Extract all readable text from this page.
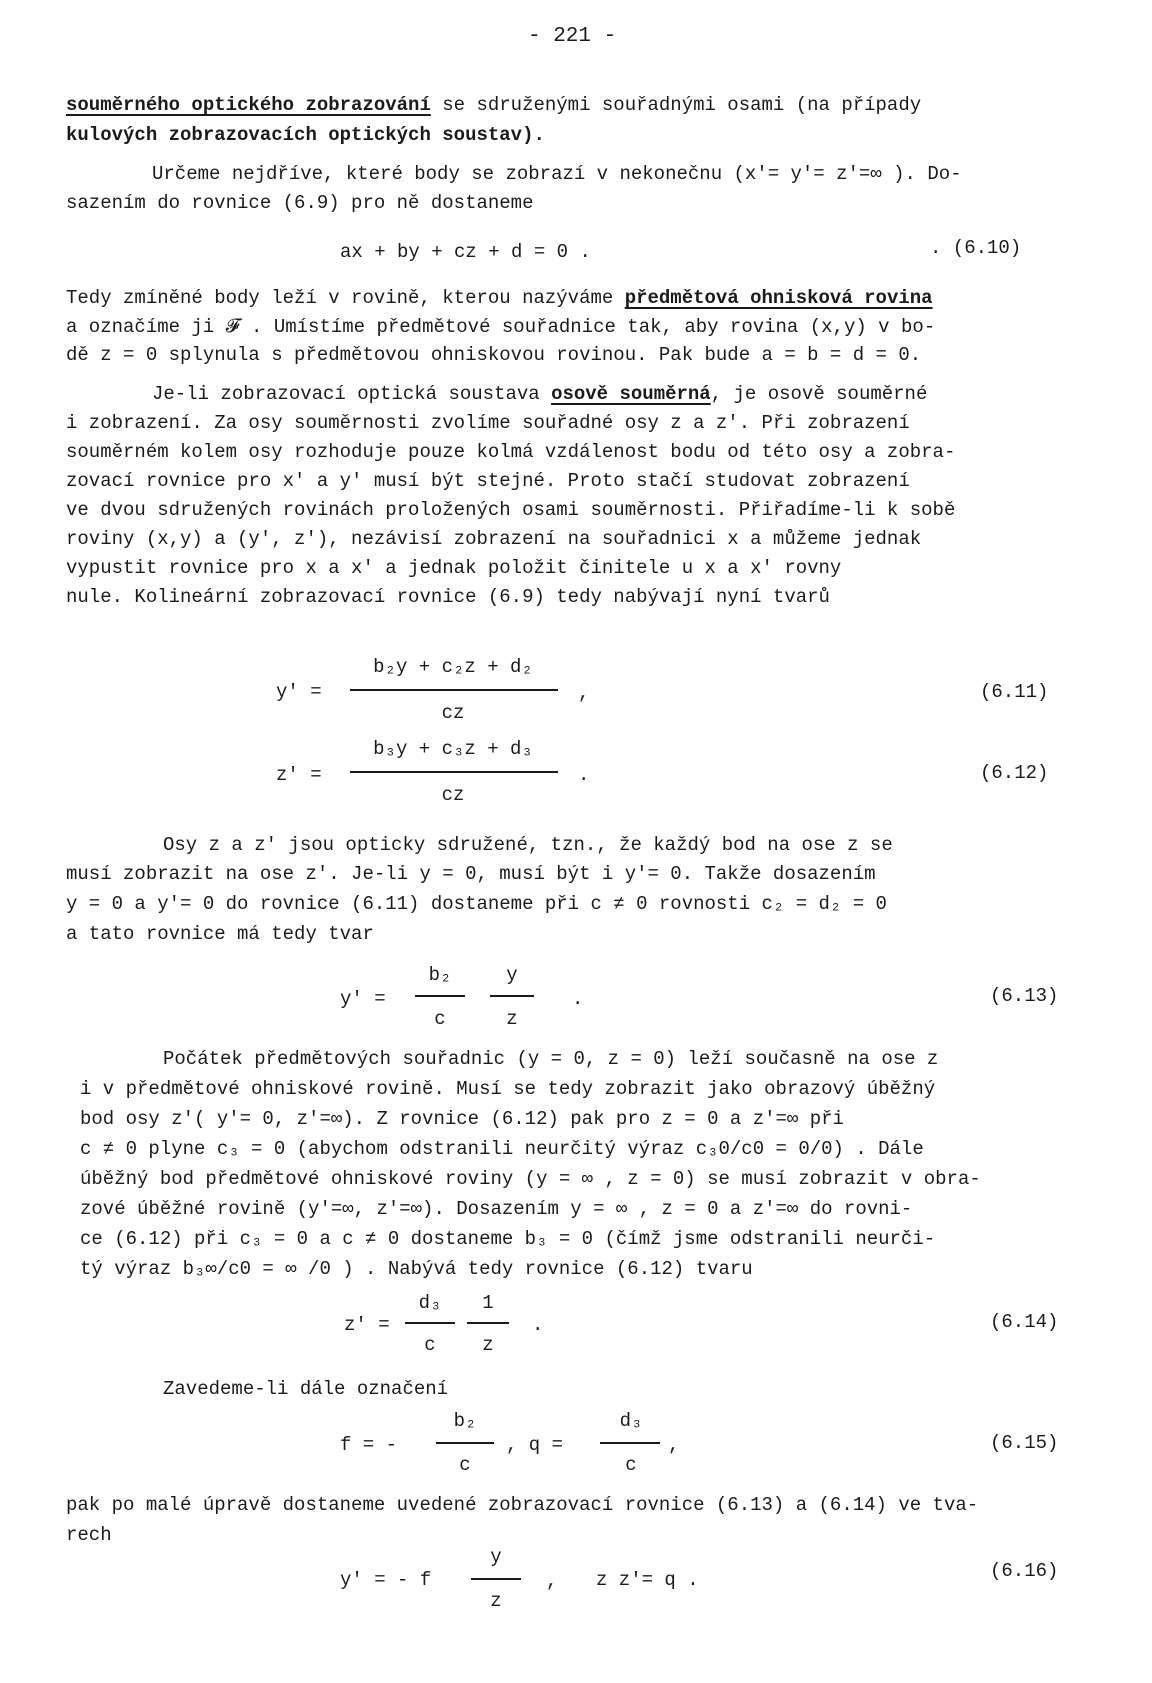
- 221 -
souměrného optického zobrazování se sdruženými souřadnými osami (na případy
kulových zobrazovacích optických soustav).
Určeme nejdříve, které body se zobrazí v nekonečnu (x′= y′= z′=∞ ). Do-
sazením do rovnice (6.9) pro ně dostaneme
ax + by + cz + d = 0 .	. (6.10)
Tedy zmíněné body leží v rovině, kterou nazýváme předmětová ohnisková rovina
a označíme ji 𝓕 . Umístíme předmětové souřadnice tak, aby rovina (x,y) v bo-
dě z = 0 splynula s předmětovou ohniskovou rovinou. Pak bude a = b = d = 0.
Je-li zobrazovací optická soustava osově souměrná, je osově souměrné
i zobrazení. Za osy souměrnosti zvolíme souřadné osy z a z′. Při zobrazení
souměrném kolem osy rozhoduje pouze kolmá vzdálenost bodu od této osy a zobra-
zovací rovnice pro x′ a y′ musí být stejné. Proto stačí studovat zobrazení
ve dvou sdružených rovinách proložených osami souměrnosti. Přiřadíme-li k sobě
roviny (x,y) a (y′, z′), nezávisí zobrazení na souřadnici x a můžeme jednak
vypustit rovnice pro x a x′ a jednak položit činitele u x a x′ rovny
nule. Kolineární zobrazovací rovnice (6.9) tedy nabývají nyní tvarů
y′ =
b₂y + c₂z + d₂
cz
,	(6.11)
z′ =
b₃y + c₃z + d₃
cz
.	(6.12)
Osy z a z′ jsou opticky sdružené, tzn., že každý bod na ose z se
musí zobrazit na ose z′. Je-li y = 0, musí být i y′= 0. Takže dosazením
y = 0 a y′= 0 do rovnice (6.11) dostaneme při c ≠ 0 rovnosti c₂ = d₂ = 0
a tato rovnice má tedy tvar
y′ =
b₂
c
y
z
.	(6.13)
Počátek předmětových souřadnic (y = 0, z = 0) leží současně na ose z
i v předmětové ohniskové rovině. Musí se tedy zobrazit jako obrazový úběžný
bod osy z′( y′= 0, z′=∞). Z rovnice (6.12) pak pro z = 0 a z′=∞ při
c ≠ 0 plyne c₃ = 0 (abychom odstranili neurčitý výraz c₃0/c0 = 0/0) . Dále
úběžný bod předmětové ohniskové roviny (y = ∞ , z = 0) se musí zobrazit v obra-
zové úběžné rovině (y′=∞, z′=∞). Dosazením y = ∞ , z = 0 a z′=∞ do rovni-
ce (6.12) při c₃ = 0 a c ≠ 0 dostaneme b₃ = 0 (čímž jsme odstranili neurči-
tý výraz b₃∞/c0 = ∞ /0 ) . Nabývá tedy rovnice (6.12) tvaru
z′ =
d₃
c
1
z
.	(6.14)
Zavedeme-li dále označení
f = -
b₂
c
, q =
d₃
c
,	(6.15)
pak po malé úpravě dostaneme uvedené zobrazovací rovnice (6.13) a (6.14) ve tva-
rech
y′ = - f
y
z
, z z′= q .	(6.16)
